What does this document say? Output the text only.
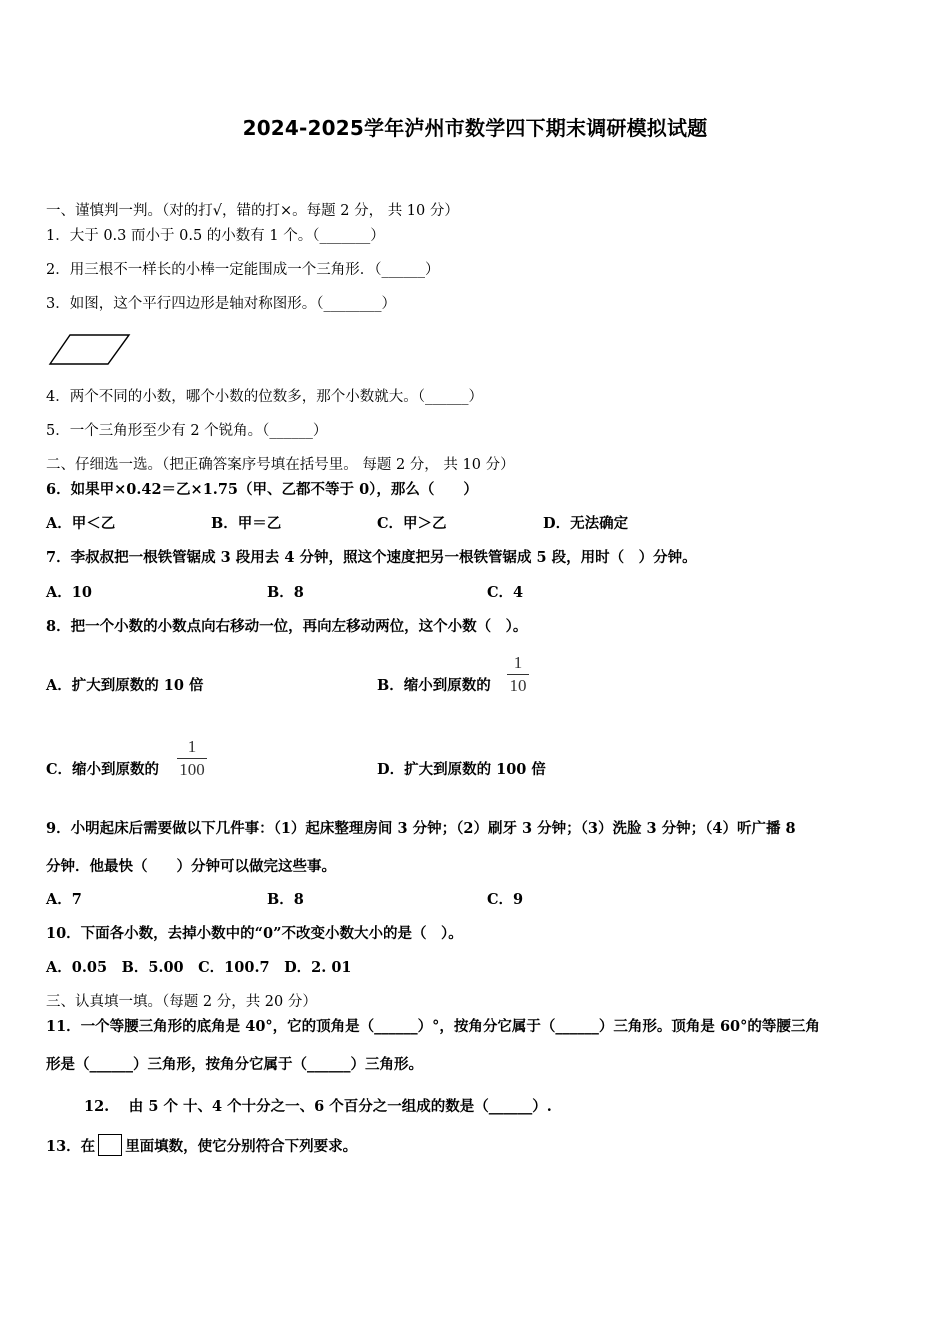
2024-2025学年泸州市数学四下期末调研模拟试题
一、谨慎判一判。（对的打√，错的打×。每题 2 分， 共 10 分）
1．大于 0.3 而小于 0.5 的小数有 1 个。（_______）
2．用三根不一样长的小棒一定能围成一个三角形．（______）
3．如图，这个平行四边形是轴对称图形。（________）
4．两个不同的小数，哪个小数的位数多，那个小数就大。（______）
5．一个三角形至少有 2 个锐角。（______）
二、仔细选一选。（把正确答案序号填在括号里。 每题 2 分， 共 10 分）
6．如果甲×0.42＝乙×1.75（甲、乙都不等于 0），那么（　　）
A．甲＜乙	B．甲＝乙	C．甲＞乙	D．无法确定
7．李叔叔把一根铁管锯成 3 段用去 4 分钟，照这个速度把另一根铁管锯成 5 段，用时（　）分钟。
A．10	B．8	C．4
8．把一个小数的小数点向右移动一位，再向左移动两位，这个小数（　）。
A．扩大到原数的 10 倍	B．缩小到原数的
1
10
C．缩小到原数的
1
100	D．扩大到原数的 100 倍
9．小明起床后需要做以下几件事：（1）起床整理房间 3 分钟；（2）刷牙 3 分钟；（3）洗脸 3 分钟；（4）听广播 8
分钟．他最快（　　）分钟可以做完这些事。
A．7	B．8	C．9
10．下面各小数，去掉小数中的“0”不改变小数大小的是（　）。
A．0.05　B．5.00　C．100.7　D．2. 01
三、认真填一填。（每题 2 分，共 20 分）
11．一个等腰三角形的底角是 40°，它的顶角是（______）°，按角分它属于（______）三角形。顶角是 60°的等腰三角
形是（______）三角形，按角分它属于（______）三角形。
12.　 由 5 个 十、4 个十分之一、6 个百分之一组成的数是（______）.
13．在 里面填数，使它分别符合下列要求。
